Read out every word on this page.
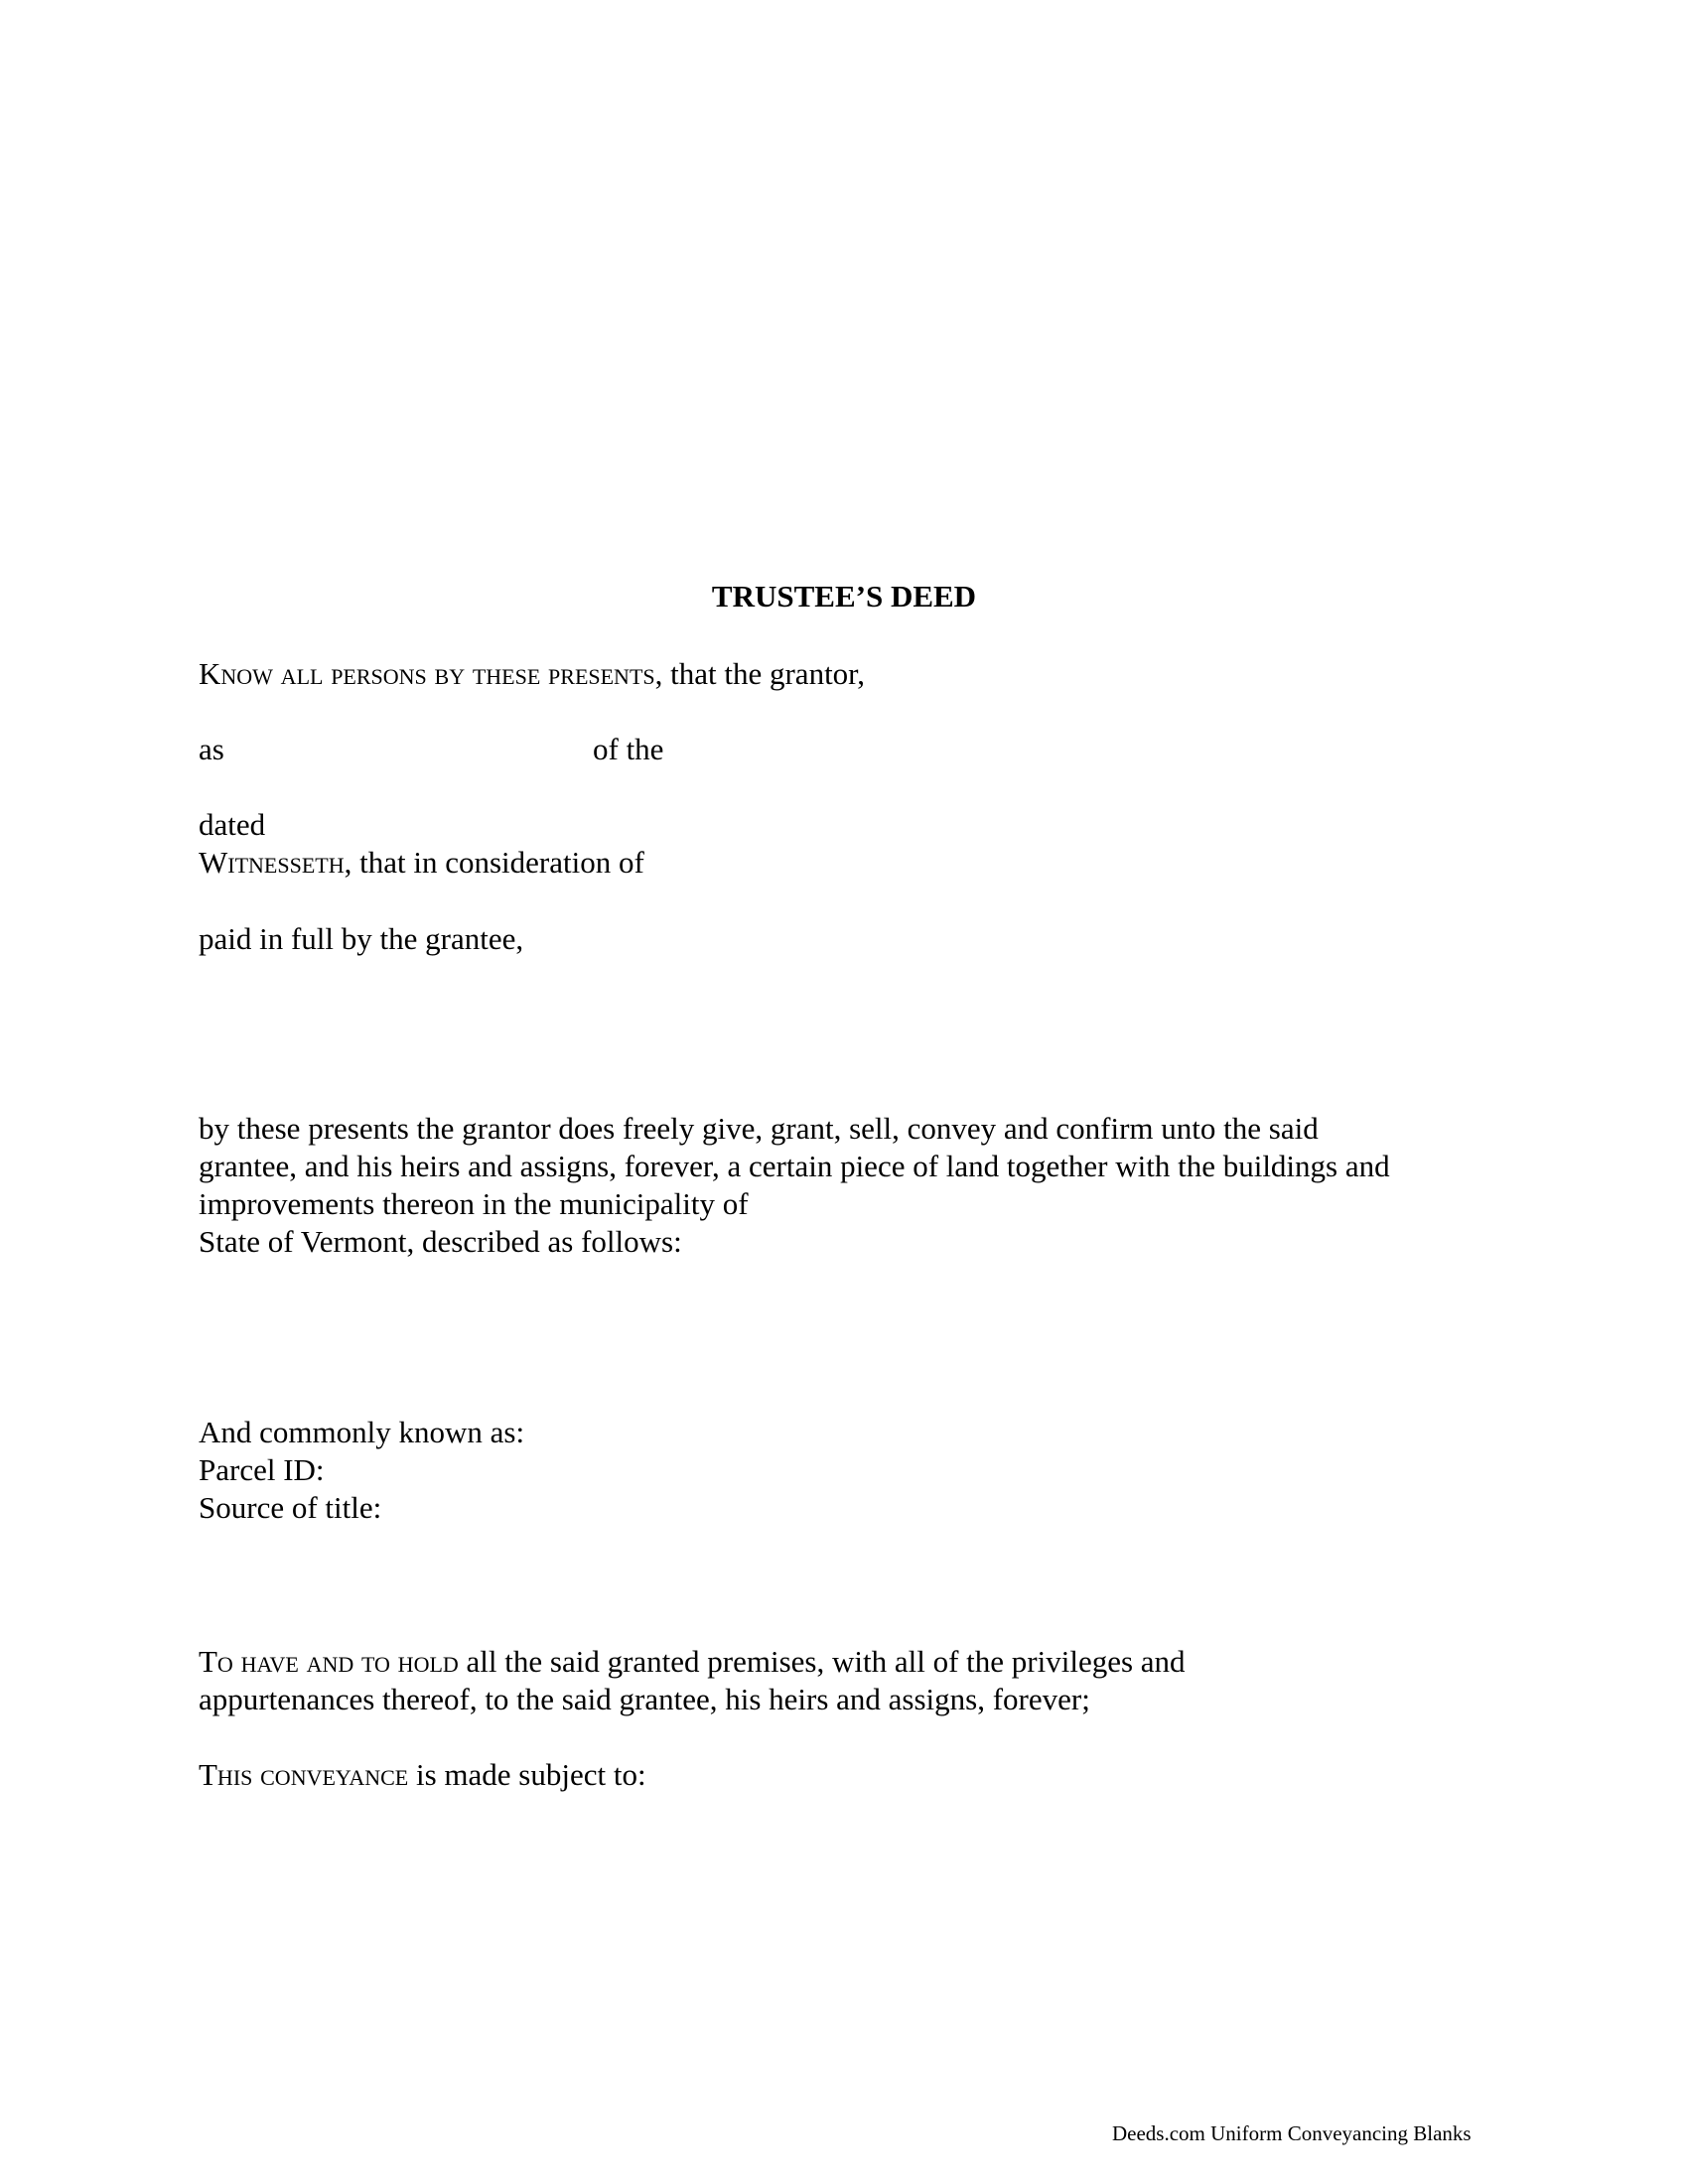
TRUSTEE’S DEED
Know all persons by these presents, that the grantor,
as	of the
dated
Witnesseth, that in consideration of
paid in full by the grantee,
by these presents the grantor does freely give, grant, sell, convey and confirm unto the said
grantee, and his heirs and assigns, forever, a certain piece of land together with the buildings and
improvements thereon in the municipality of
State of Vermont, described as follows:
And commonly known as:
Parcel ID:
Source of title:
To have and to hold all the said granted premises, with all of the privileges and
appurtenances thereof, to the said grantee, his heirs and assigns, forever;
This conveyance is made subject to:
Deeds.com Uniform Conveyancing Blanks
